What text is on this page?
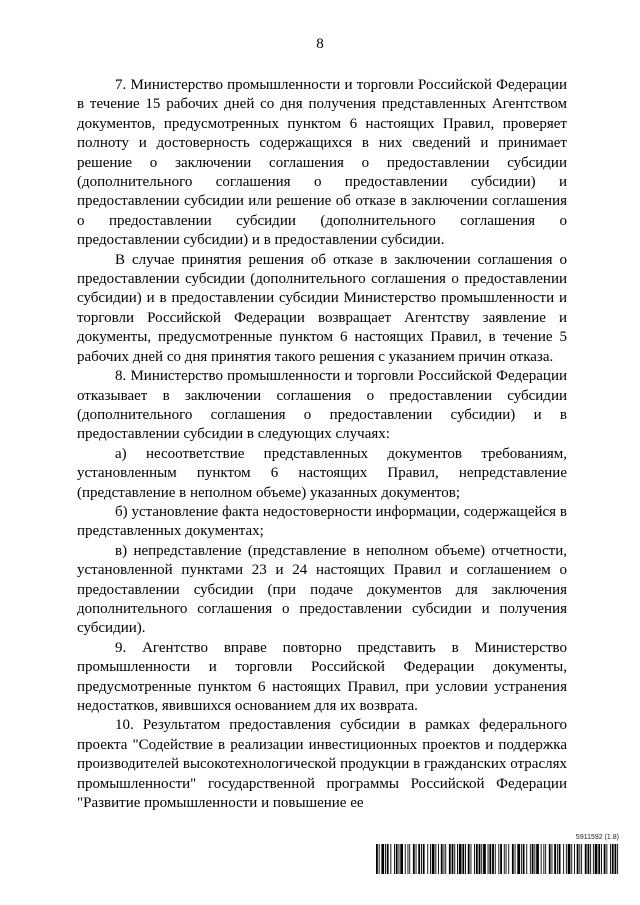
8

7. Министерство промышленности и торговли Российской Федерации в течение 15 рабочих дней со дня получения представленных Агентством документов, предусмотренных пунктом 6 настоящих Правил, проверяет полноту и достоверность содержащихся в них сведений и принимает решение о заключении соглашения о предоставлении субсидии (дополнительного соглашения о предоставлении субсидии) и предоставлении субсидии или решение об отказе в заключении соглашения о предоставлении субсидии (дополнительного соглашения о предоставлении субсидии) и в предоставлении субсидии.

В случае принятия решения об отказе в заключении соглашения о предоставлении субсидии (дополнительного соглашения о предоставлении субсидии) и в предоставлении субсидии Министерство промышленности и торговли Российской Федерации возвращает Агентству заявление и документы, предусмотренные пунктом 6 настоящих Правил, в течение 5 рабочих дней со дня принятия такого решения с указанием причин отказа.

8. Министерство промышленности и торговли Российской Федерации отказывает в заключении соглашения о предоставлении субсидии (дополнительного соглашения о предоставлении субсидии) и в предоставлении субсидии в следующих случаях:

а) несоответствие представленных документов требованиям, установленным пунктом 6 настоящих Правил, непредставление (представление в неполном объеме) указанных документов;

б) установление факта недостоверности информации, содержащейся в представленных документах;

в) непредставление (представление в неполном объеме) отчетности, установленной пунктами 23 и 24 настоящих Правил и соглашением о предоставлении субсидии (при подаче документов для заключения дополнительного соглашения о предоставлении субсидии и получения субсидии).

9. Агентство вправе повторно представить в Министерство промышленности и торговли Российской Федерации документы, предусмотренные пунктом 6 настоящих Правил, при условии устранения недостатков, явившихся основанием для их возврата.

10. Результатом предоставления субсидии в рамках федерального проекта "Содействие в реализации инвестиционных проектов и поддержка производителей высокотехнологической продукции в гражданских отраслях промышленности" государственной программы Российской Федерации "Развитие промышленности и повышение ее

5911592 (1.8)
